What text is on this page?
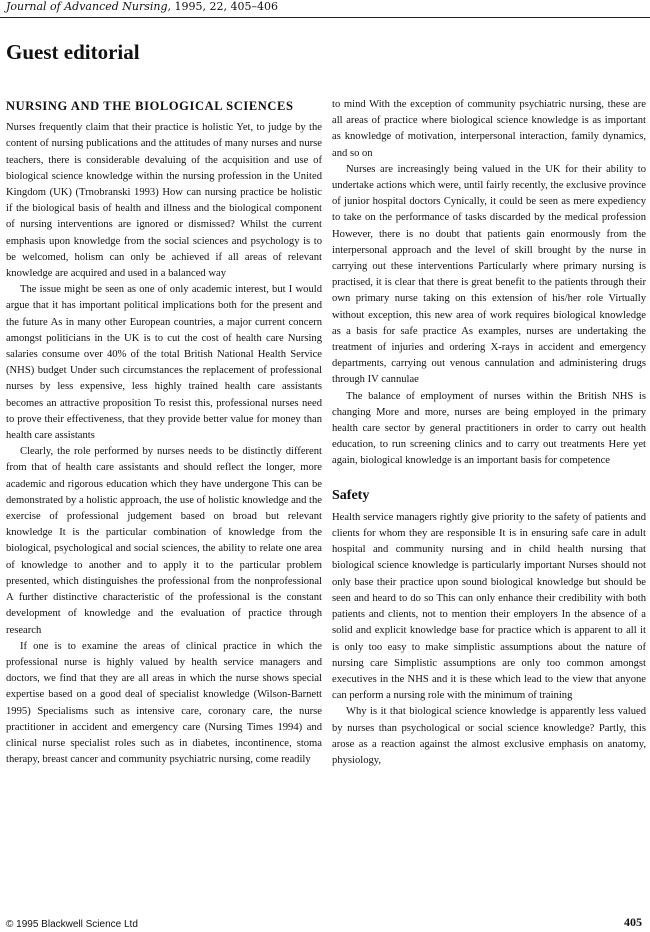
Journal of Advanced Nursing, 1995, 22, 405–406
Guest editorial
NURSING AND THE BIOLOGICAL SCIENCES

Nurses frequently claim that their practice is holistic Yet, to judge by the content of nursing publications and the attitudes of many nurses and nurse teachers, there is considerable devaluing of the acquisition and use of biological science knowledge within the nursing profession in the United Kingdom (UK) (Trnobranski 1993) How can nursing practice be holistic if the biological basis of health and illness and the biological component of nursing interventions are ignored or dismissed? Whilst the current emphasis upon knowledge from the social sciences and psychology is to be welcomed, holism can only be achieved if all areas of relevant knowledge are acquired and used in a balanced way

The issue might be seen as one of only academic interest, but I would argue that it has important political implications both for the present and the future As in many other European countries, a major current concern amongst politicians in the UK is to cut the cost of health care Nursing salaries consume over 40% of the total British National Health Service (NHS) budget Under such circumstances the replacement of professional nurses by less expensive, less highly trained health care assistants becomes an attractive proposition To resist this, professional nurses need to prove their effectiveness, that they provide better value for money than health care assistants

Clearly, the role performed by nurses needs to be distinctly different from that of health care assistants and should reflect the longer, more academic and rigorous education which they have undergone This can be demonstrated by a holistic approach, the use of holistic knowledge and the exercise of professional judgement based on broad but relevant knowledge It is the particular combination of knowledge from the biological, psychological and social sciences, the ability to relate one area of knowledge to another and to apply it to the particular problem presented, which distinguishes the professional from the nonprofessional A further distinctive characteristic of the professional is the constant development of knowledge and the evaluation of practice through research

If one is to examine the areas of clinical practice in which the professional nurse is highly valued by health service managers and doctors, we find that they are all areas in which the nurse shows special expertise based on a good deal of specialist knowledge (Wilson-Barnett 1995) Specialisms such as intensive care, coronary care, the nurse practitioner in accident and emergency care (Nursing Times 1994) and clinical nurse specialist roles such as in diabetes, incontinence, stoma therapy, breast cancer and community psychiatric nursing, come readily

to mind With the exception of community psychiatric nursing, these are all areas of practice where biological science knowledge is as important as knowledge of motivation, interpersonal interaction, family dynamics, and so on

Nurses are increasingly being valued in the UK for their ability to undertake actions which were, until fairly recently, the exclusive province of junior hospital doctors Cynically, it could be seen as mere expediency to take on the performance of tasks discarded by the medical profession However, there is no doubt that patients gain enormously from the interpersonal approach and the level of skill brought by the nurse in carrying out these interventions Particularly where primary nursing is practised, it is clear that there is great benefit to the patients through their own primary nurse taking on this extension of his/her role Virtually without exception, this new area of work requires biological knowledge as a basis for safe practice As examples, nurses are undertaking the treatment of injuries and ordering X-rays in accident and emergency departments, carrying out venous cannulation and administering drugs through IV cannulae

The balance of employment of nurses within the British NHS is changing More and more, nurses are being employed in the primary health care sector by general practitioners in order to carry out health education, to run screening clinics and to carry out treatments Here yet again, biological knowledge is an important basis for competence

Safety

Health service managers rightly give priority to the safety of patients and clients for whom they are responsible It is in ensuring safe care in adult hospital and community nursing and in child health nursing that biological science knowledge is particularly important Nurses should not only base their practice upon sound biological knowledge but should be seen and heard to do so This can only enhance their credibility with both patients and clients, not to mention their employers In the absence of a solid and explicit knowledge base for practice which is apparent to all it is only too easy to make simplistic assumptions about the nature of nursing care Simplistic assumptions are only too common amongst executives in the NHS and it is these which lead to the view that anyone can perform a nursing role with the minimum of training

Why is it that biological science knowledge is apparently less valued by nurses than psychological or social science knowledge? Partly, this arose as a reaction against the almost exclusive emphasis on anatomy, physiology,

© 1995 Blackwell Science Ltd	405
